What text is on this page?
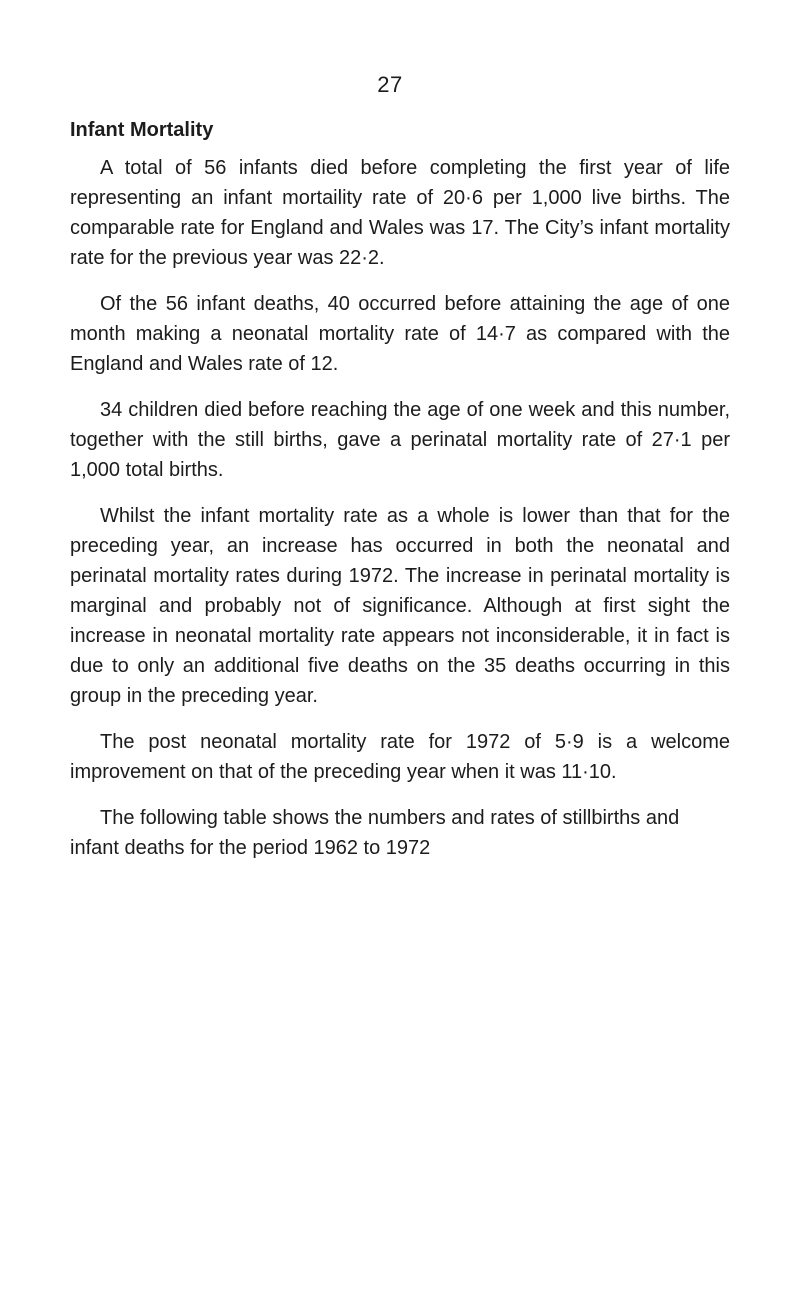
27
Infant Mortality

A total of 56 infants died before completing the first year of life representing an infant mortaility rate of 20·6 per 1,000 live births. The comparable rate for England and Wales was 17. The City’s infant mortality rate for the previous year was 22·2.

Of the 56 infant deaths, 40 occurred before attaining the age of one month making a neonatal mortality rate of 14·7 as compared with the England and Wales rate of 12.

34 children died before reaching the age of one week and this number, together with the still births, gave a perinatal mortality rate of 27·1 per 1,000 total births.

Whilst the infant mortality rate as a whole is lower than that for the preceding year, an increase has occurred in both the neonatal and perinatal mortality rates during 1972. The increase in perinatal mortality is marginal and probably not of significance. Although at first sight the increase in neonatal mortality rate appears not inconsiderable, it in fact is due to only an additional five deaths on the 35 deaths occurring in this group in the preceding year.

The post neonatal mortality rate for 1972 of 5·9 is a welcome improvement on that of the preceding year when it was 11·10.

The following table shows the numbers and rates of stillbirths and infant deaths for the period 1962 to 1972
